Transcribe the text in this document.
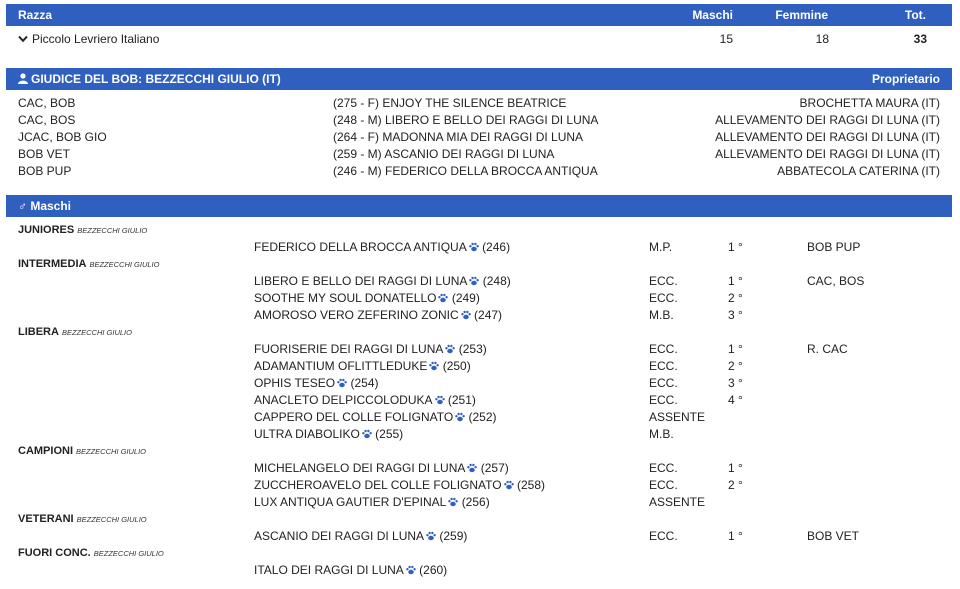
Razza	Maschi	Femmine	Tot.
Piccolo Levriero Italiano	15	18	33
GIUDICE DEL BOB: BEZZECCHI GIULIO (IT)	Proprietario
CAC, BOB	(275 - F) ENJOY THE SILENCE BEATRICE	BROCHETTA MAURA (IT)
CAC, BOS	(248 - M) LIBERO E BELLO DEI RAGGI DI LUNA	ALLEVAMENTO DEI RAGGI DI LUNA (IT)
JCAC, BOB GIO	(264 - F) MADONNA MIA DEI RAGGI DI LUNA	ALLEVAMENTO DEI RAGGI DI LUNA (IT)
BOB VET	(259 - M) ASCANIO DEI RAGGI DI LUNA	ALLEVAMENTO DEI RAGGI DI LUNA (IT)
BOB PUP	(246 - M) FEDERICO DELLA BROCCA ANTIQUA	ABBATECOLA CATERINA (IT)
♂ Maschi
JUNIORES BEZZECCHI GIULIO
FEDERICO DELLA BROCCA ANTIQUA (246)	M.P.	1 °	BOB PUP
INTERMEDIA BEZZECCHI GIULIO
LIBERO E BELLO DEI RAGGI DI LUNA (248)	ECC.	1 °	CAC, BOS
SOOTHE MY SOUL DONATELLO (249)	ECC.	2 °
AMOROSO VERO ZEFERINO ZONIC (247)	M.B.	3 °
LIBERA BEZZECCHI GIULIO
FUORISERIE DEI RAGGI DI LUNA (253)	ECC.	1 °	R. CAC
ADAMANTIUM OFLITTLEDUKE (250)	ECC.	2 °
OPHIS TESEO (254)	ECC.	3 °
ANACLETO DELPICCOLODUKA (251)	ECC.	4 °
CAPPERO DEL COLLE FOLIGNATO (252)	ASSENTE
ULTRA DIABOLIKO (255)	M.B.
CAMPIONI BEZZECCHI GIULIO
MICHELANGELO DEI RAGGI DI LUNA (257)	ECC.	1 °
ZUCCHEROAVELO DEL COLLE FOLIGNATO (258)	ECC.	2 °
LUX ANTIQUA GAUTIER D'EPINAL (256)	ASSENTE
VETERANI BEZZECCHI GIULIO
ASCANIO DEI RAGGI DI LUNA (259)	ECC.	1 °	BOB VET
FUORI CONC. BEZZECCHI GIULIO
ITALO DEI RAGGI DI LUNA (260)
